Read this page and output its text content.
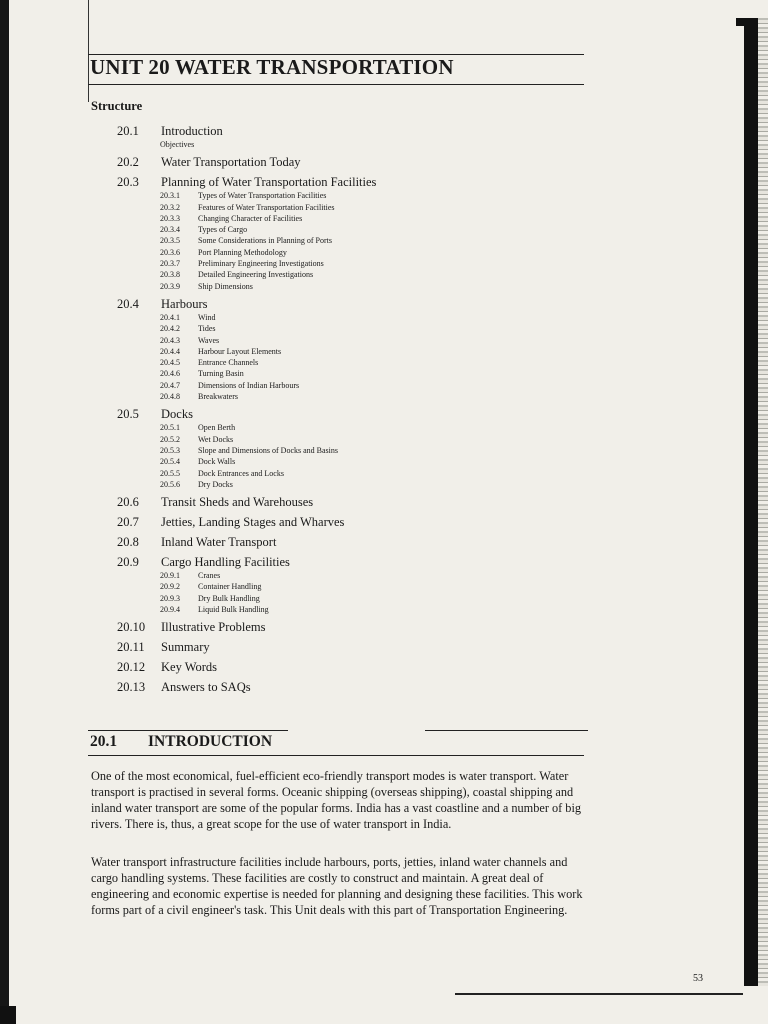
UNIT 20 WATER TRANSPORTATION
Structure
20.1	Introduction
Objectives
20.2	Water Transportation Today
20.3	Planning of Water Transportation Facilities
20.3.1	Types of Water Transportation Facilities
20.3.2	Features of Water Transportation Facilities
20.3.3	Changing Character of Facilities
20.3.4	Types of Cargo
20.3.5	Some Considerations in Planning of Ports
20.3.6	Port Planning Methodology
20.3.7	Preliminary Engineering Investigations
20.3.8	Detailed Engineering Investigations
20.3.9	Ship Dimensions
20.4	Harbours
20.4.1	Wind
20.4.2	Tides
20.4.3	Waves
20.4.4	Harbour Layout Elements
20.4.5	Entrance Channels
20.4.6	Turning Basin
20.4.7	Dimensions of Indian Harbours
20.4.8	Breakwaters
20.5	Docks
20.5.1	Open Berth
20.5.2	Wet Docks
20.5.3	Slope and Dimensions of Docks and Basins
20.5.4	Dock Walls
20.5.5	Dock Entrances and Locks
20.5.6	Dry Docks
20.6	Transit Sheds and Warehouses
20.7	Jetties, Landing Stages and Wharves
20.8	Inland Water Transport
20.9	Cargo Handling Facilities
20.9.1	Cranes
20.9.2	Container Handling
20.9.3	Dry Bulk Handling
20.9.4	Liquid Bulk Handling
20.10	Illustrative Problems
20.11	Summary
20.12	Key Words
20.13	Answers to SAQs
20.1 INTRODUCTION

One of the most economical, fuel-efficient eco-friendly transport modes is water transport. Water transport is practised in several forms. Oceanic shipping (overseas shipping), coastal shipping and inland water transport are some of the popular forms. India has a vast coastline and a number of big rivers. There is, thus, a great scope for the use of water transport in India.

Water transport infrastructure facilities include harbours, ports, jetties, inland water channels and cargo handling systems. These facilities are costly to construct and maintain. A great deal of engineering and economic expertise is needed for planning and designing these facilities. This work forms part of a civil engineer's task. This Unit deals with this part of Transportation Engineering.

53
